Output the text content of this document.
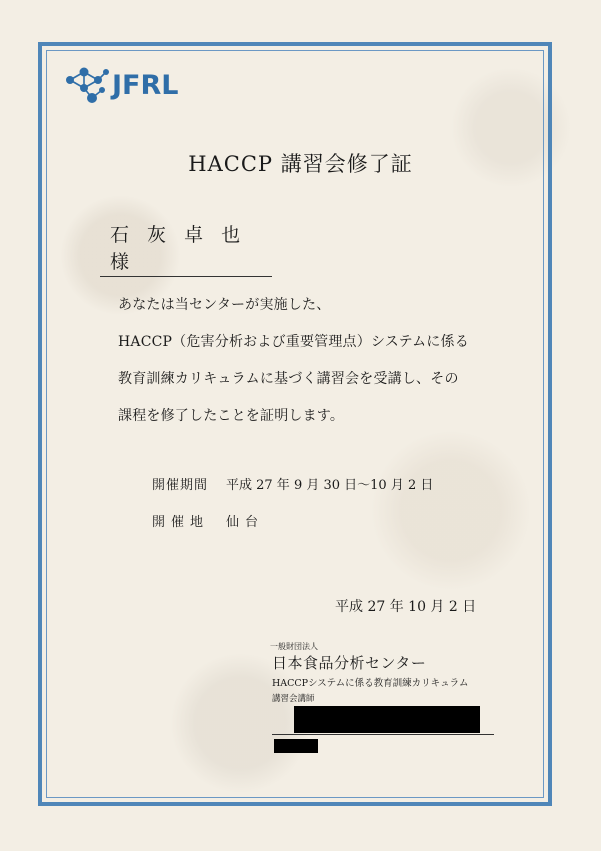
JFRL
HACCP 講習会修了証
石 灰 卓 也　様
あなたは当センターが実施した、
HACCP（危害分析および重要管理点）システムに係る
教育訓練カリキュラムに基づく講習会を受講し、その
課程を修了したことを証明します。
開催期間 平成 27 年 9 月 30 日～10 月 2 日
開催地 仙台
平成 27 年 10 月 2 日
一般財団法人
日本食品分析センター
HACCPシステムに係る教育訓練カリキュラム
講習会講師
